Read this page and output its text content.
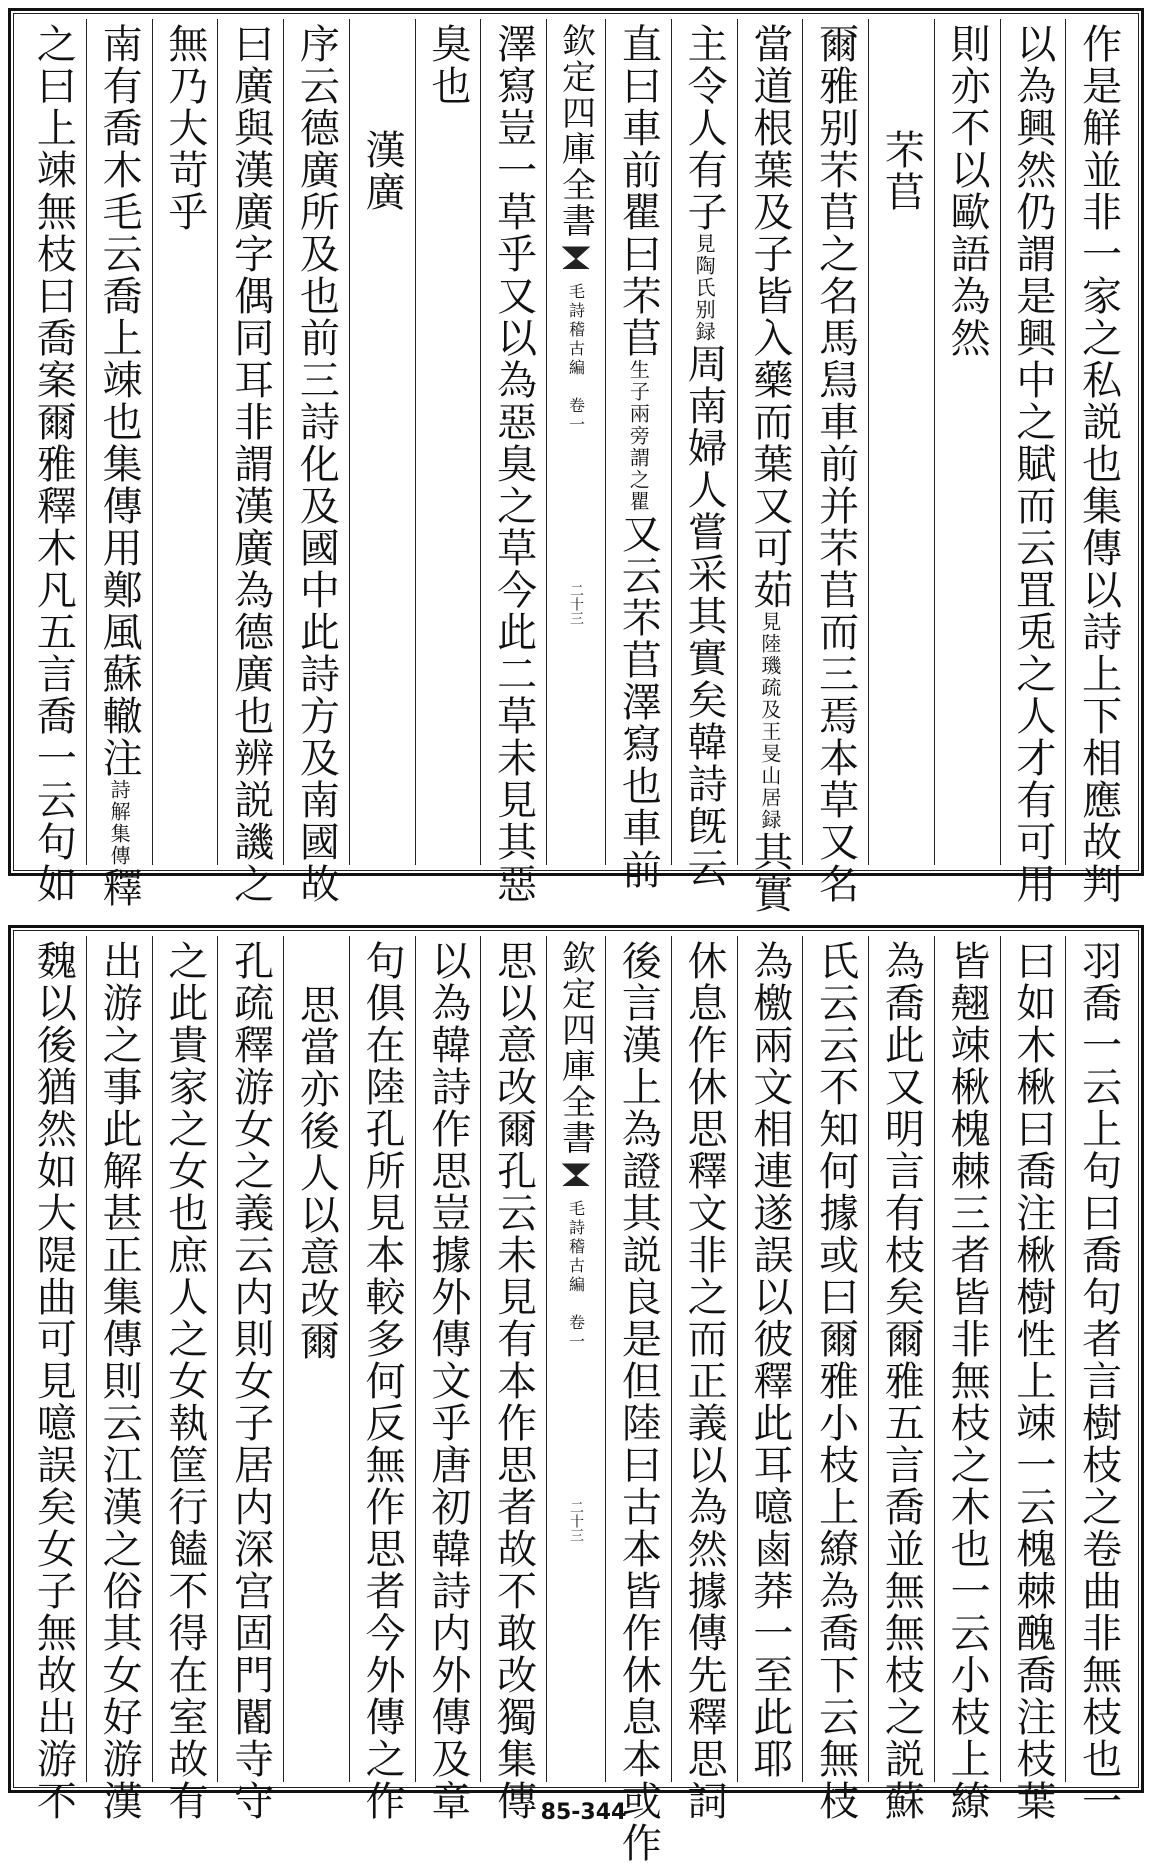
作是觧並非一家之私説也集傳以詩上下相應故判
以為興然仍謂是興中之賦而云罝兎之人才有可用
則亦不以歐語為然
芣苢
爾雅别芣苢之名馬舃車前并芣苢而三焉本草又名
當道根葉及子皆入藥而葉又可茹見陸璣疏及王旻山居録其實
主令人有子見陶氏别録周南婦人嘗采其實矣韓詩旣云
直曰車前瞿曰芣苢生子兩旁謂之瞿又云芣苢澤寫也車前
欽定四庫全書
毛詩稽古編　卷一
二十三
澤寫豈一草乎又以為惡臭之草今此二草未見其惡
臭也
漢廣
序云德廣所及也前三詩化及國中此詩方及南國故
曰廣與漢廣字偶同耳非謂漢廣為德廣也辨説譏之
無乃大苛乎
南有喬木毛云喬上竦也集傳用鄭風蘇轍注詩解集傳釋
之曰上竦無枝曰喬案爾雅釋木凡五言喬一云句如
羽喬一云上句曰喬句者言樹枝之卷曲非無枝也一
曰如木楸曰喬注楸樹性上竦一云槐棘醜喬注枝葉
皆翹竦楸槐棘三者皆非無枝之木也一云小枝上繚
為喬此又明言有枝矣爾雅五言喬並無無枝之説蘇
氏云云不知何據或曰爾雅小枝上繚為喬下云無枝
為檄兩文相連遂誤以彼釋此耳噫鹵莽一至此耶
休息作休思釋文非之而正義以為然據傳先釋思詞
後言漢上為證其説良是但陸曰古本皆作休息本或作
欽定四庫全書
毛詩稽古編　卷一
二十三
思以意改爾孔云未見有本作思者故不敢改獨集傳
以為韓詩作思豈據外傳文乎唐初韓詩内外傳及章
句俱在陸孔所見本較多何反無作思者今外傳之作
思當亦後人以意改爾
孔疏釋游女之義云内則女子居内深宫固門閽寺守
之此貴家之女也庶人之女執筐行饁不得在室故有
出游之事此解甚正集傳則云江漢之俗其女好游漢
魏以後猶然如大隄曲可見噫誤矣女子無故出游不	85-344
